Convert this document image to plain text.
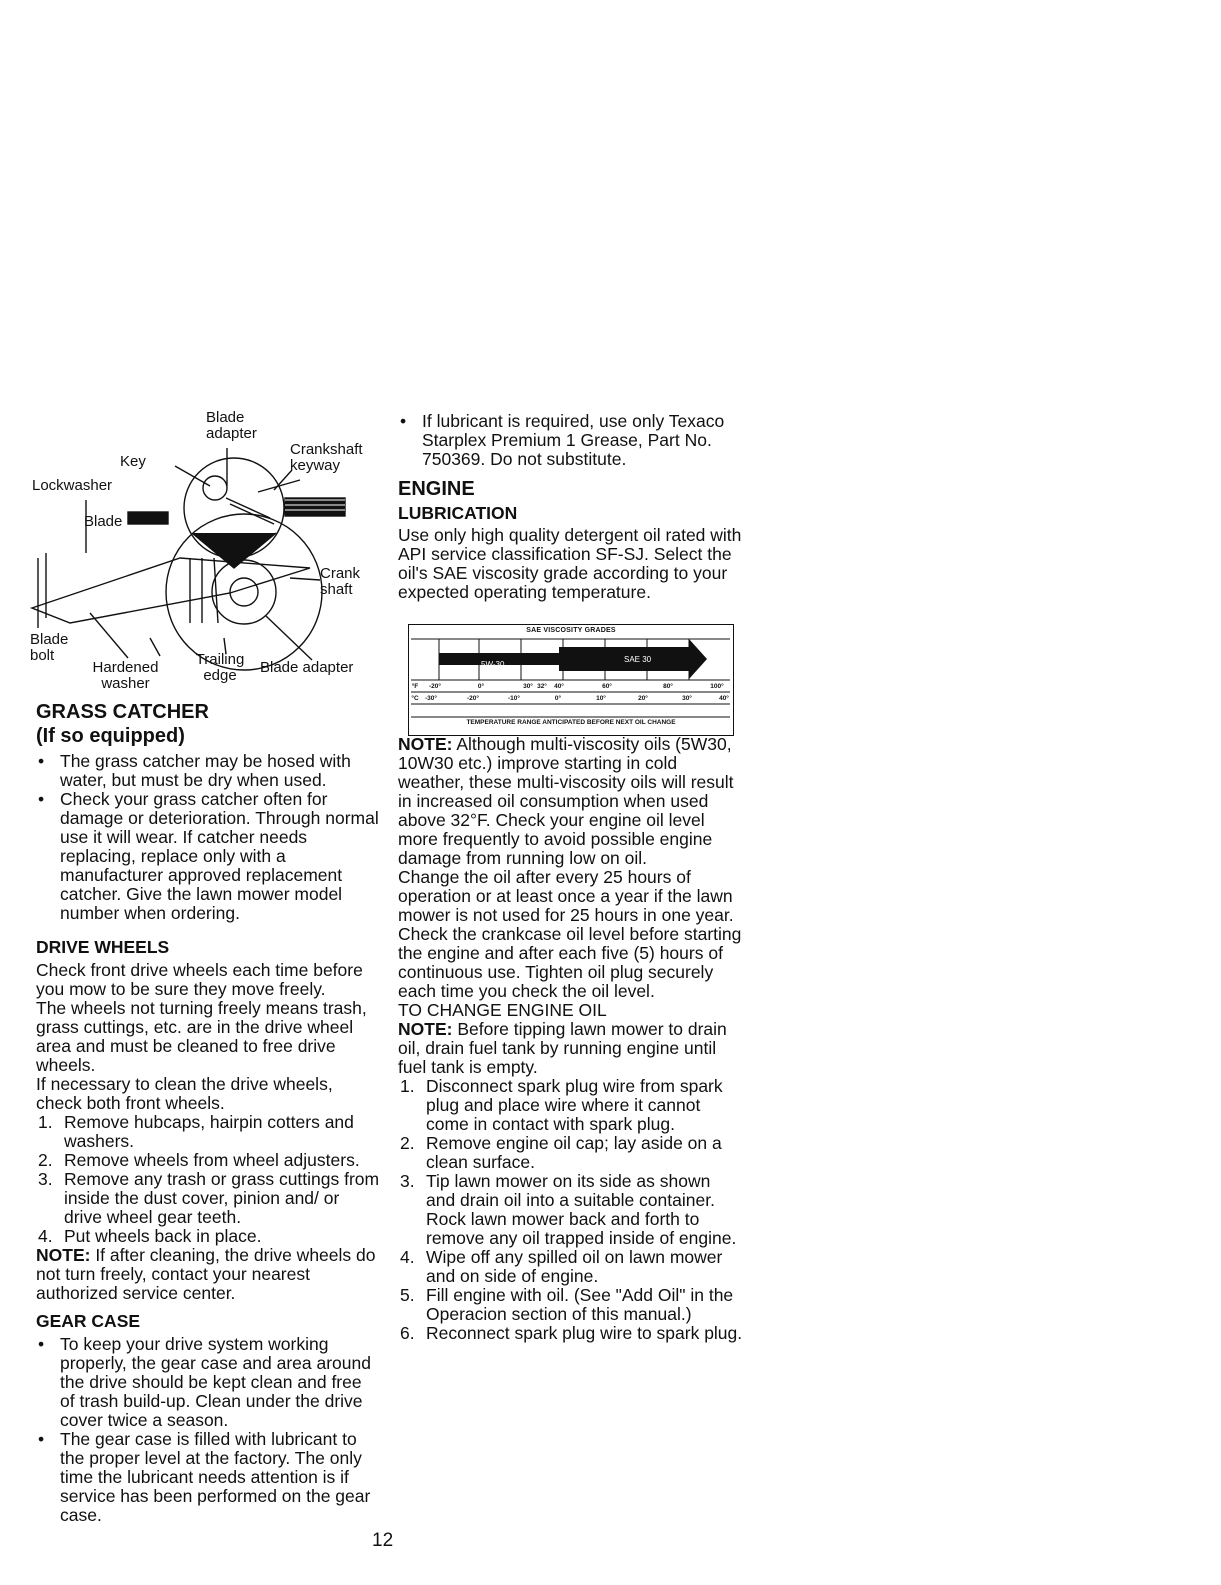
Blade adapter
Key
Crankshaft keyway
Lockwasher
Blade
Crank shaft
Blade bolt
Hardened washer
Trailing edge	Blade adapter
GRASS CATCHER
(If so equipped)
• The grass catcher may be hosed with water, but must be dry when used.
• Check your grass catcher often for damage or deterioration. Through normal use it will wear. If catcher needs replacing, replace only with a manufacturer approved replacement catcher. Give the lawn mower model number when ordering.
DRIVE WHEELS

Check front drive wheels each time before you mow to be sure they move freely.

The wheels not turning freely means trash, grass cuttings, etc. are in the drive wheel area and must be cleaned to free drive wheels.

If necessary to clean the drive wheels, check both front wheels.

1. Remove hubcaps, hairpin cotters and washers.
2. Remove wheels from wheel adjusters.
3. Remove any trash or grass cuttings from inside the dust cover, pinion and/ or drive wheel gear teeth.
4. Put wheels back in place.

NOTE: If after cleaning, the drive wheels do not turn freely, contact your nearest authorized service center.

GEAR CASE
• To keep your drive system working properly, the gear case and area around the drive should be kept clean and free of trash build-up. Clean under the drive cover twice a season.
• The gear case is filled with lubricant to the proper level at the factory. The only time the lubricant needs attention is if service has been performed on the gear case.
• If lubricant is required, use only Texaco Starplex Premium 1 Grease, Part No. 750369. Do not substitute.
ENGINE
LUBRICATION

Use only high quality detergent oil rated with API service classification SF-SJ. Select the oil's SAE viscosity grade according to your expected operating temperature.

NOTE: Although multi-viscosity oils (5W30, 10W30 etc.) improve starting in cold weather, these multi-viscosity oils will result in increased oil consumption when used above 32°F. Check your engine oil level more frequently to avoid possible engine damage from running low on oil.

Change the oil after every 25 hours of operation or at least once a year if the lawn mower is not used for 25 hours in one year.

Check the crankcase oil level before starting the engine and after each five (5) hours of continuous use. Tighten oil plug securely each time you check the oil level.

TO CHANGE ENGINE OIL

NOTE: Before tipping lawn mower to drain oil, drain fuel tank by running engine until fuel tank is empty.

1. Disconnect spark plug wire from spark plug and place wire where it cannot come in contact with spark plug.
2. Remove engine oil cap; lay aside on a clean surface.
3. Tip lawn mower on its side as shown and drain oil into a suitable container. Rock lawn mower back and forth to remove any oil trapped inside of engine.
4. Wipe off any spilled oil on lawn mower and on side of engine.
5. Fill engine with oil. (See "Add Oil" in the Operacion section of this manual.)
6. Reconnect spark plug wire to spark plug.
SAE VISCOSITY GRADES
5W-30
SAE 30
°F -20°	0°	30° 32° 40°	60°	80°	100°
°C -30°	-20°	-10°	0°	10°	20°	30°	40°
TEMPERATURE RANGE ANTICIPATED BEFORE NEXT OIL CHANGE
12
